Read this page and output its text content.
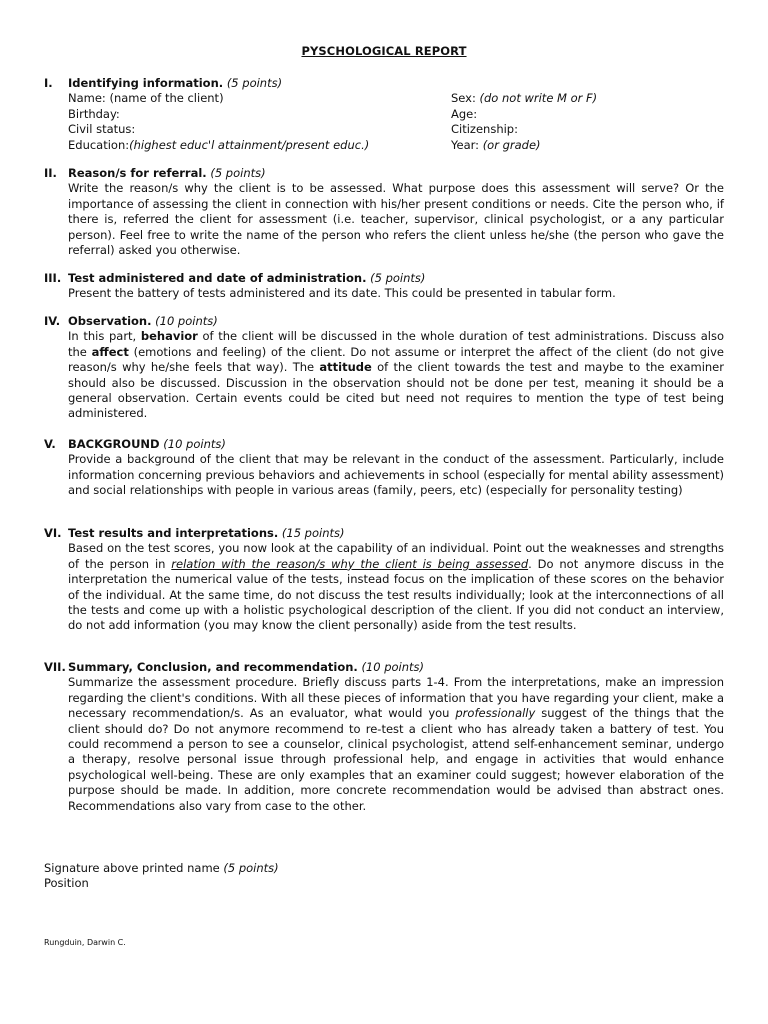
PYSCHOLOGICAL REPORT
I. Identifying information. (5 points)
Name: (name of the client)	Sex: (do not write M or F)
Birthday:	Age:
Civil status:	Citizenship:
Education:(highest educ'l attainment/present educ.)	Year: (or grade)
II. Reason/s for referral. (5 points)
Write the reason/s why the client is to be assessed. What purpose does this assessment will serve? Or the importance of assessing the client in connection with his/her present conditions or needs. Cite the person who, if there is, referred the client for assessment (i.e. teacher, supervisor, clinical psychologist, or a any particular person). Feel free to write the name of the person who refers the client unless he/she (the person who gave the referral) asked you otherwise.
III. Test administered and date of administration. (5 points)
Present the battery of tests administered and its date. This could be presented in tabular form.
IV. Observation. (10 points)
In this part, behavior of the client will be discussed in the whole duration of test administrations. Discuss also the affect (emotions and feeling) of the client. Do not assume or interpret the affect of the client (do not give reason/s why he/she feels that way). The attitude of the client towards the test and maybe to the examiner should also be discussed. Discussion in the observation should not be done per test, meaning it should be a general observation. Certain events could be cited but need not requires to mention the type of test being administered.
V. BACKGROUND (10 points)
Provide a background of the client that may be relevant in the conduct of the assessment. Particularly, include information concerning previous behaviors and achievements in school (especially for mental ability assessment) and social relationships with people in various areas (family, peers, etc) (especially for personality testing)
VI. Test results and interpretations. (15 points)
Based on the test scores, you now look at the capability of an individual. Point out the weaknesses and strengths of the person in relation with the reason/s why the client is being assessed. Do not anymore discuss in the interpretation the numerical value of the tests, instead focus on the implication of these scores on the behavior of the individual. At the same time, do not discuss the test results individually; look at the interconnections of all the tests and come up with a holistic psychological description of the client. If you did not conduct an interview, do not add information (you may know the client personally) aside from the test results.
VII. Summary, Conclusion, and recommendation. (10 points)
Summarize the assessment procedure. Briefly discuss parts 1-4. From the interpretations, make an impression regarding the client's conditions. With all these pieces of information that you have regarding your client, make a necessary recommendation/s. As an evaluator, what would you professionally suggest of the things that the client should do? Do not anymore recommend to re-test a client who has already taken a battery of test. You could recommend a person to see a counselor, clinical psychologist, attend self-enhancement seminar, undergo a therapy, resolve personal issue through professional help, and engage in activities that would enhance psychological well-being. These are only examples that an examiner could suggest; however elaboration of the purpose should be made. In addition, more concrete recommendation would be advised than abstract ones. Recommendations also vary from case to the other.
Signature above printed name (5 points)
Position
Rungduin, Darwin C.
